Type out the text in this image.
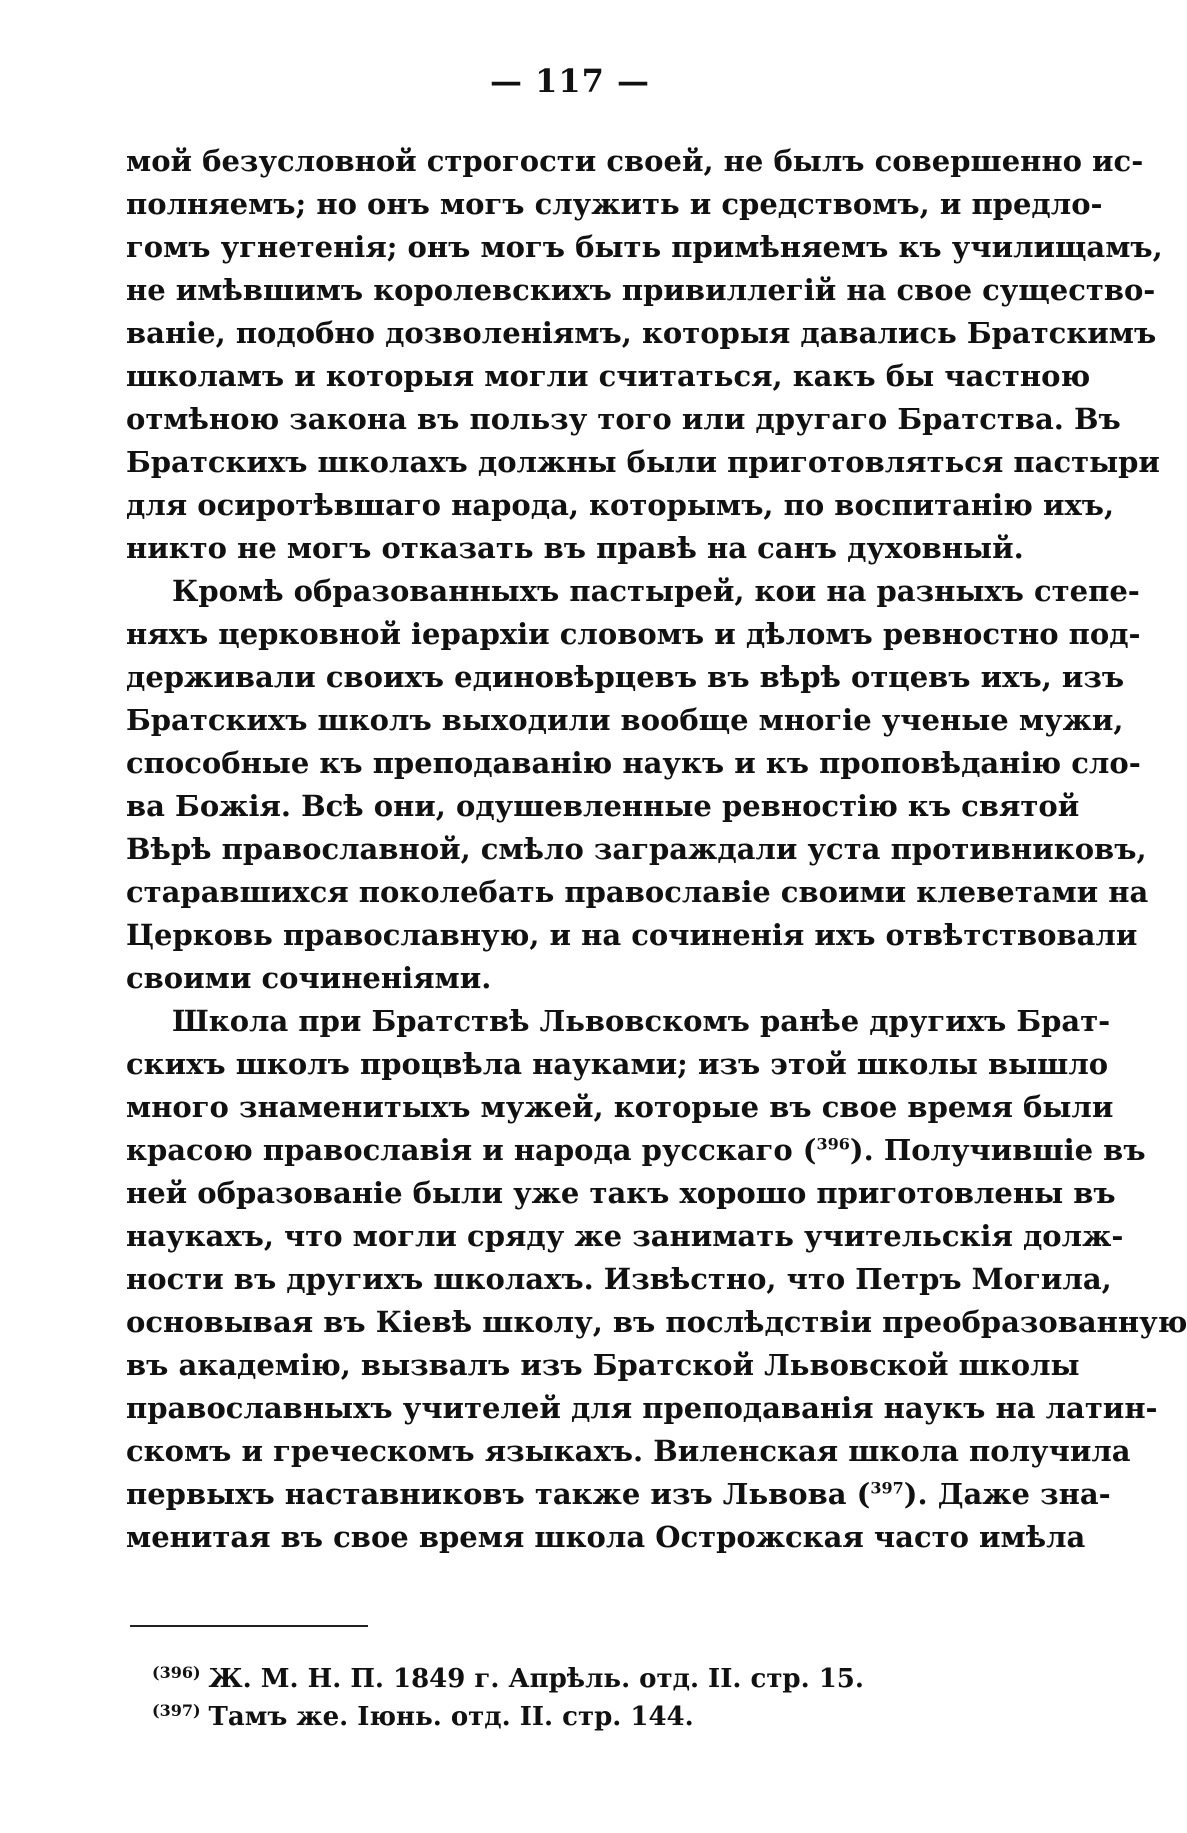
— 117 —
мой безусловной строгости своей, не былъ совершенно ис-
полняемъ; но онъ могъ служить и средствомъ, и предло-
гомъ угнетенія; онъ могъ быть примѣняемъ къ училищамъ,
не имѣвшимъ королевскихъ привиллегій на свое существо-
ваніе, подобно дозволеніямъ, которыя давались Братскимъ
школамъ и которыя могли считаться, какъ бы частною
отмѣною закона въ пользу того или другаго Братства. Въ
Братскихъ школахъ должны были приготовляться пастыри
для осиротѣвшаго народа, которымъ, по воспитанію ихъ,
никто не могъ отказать въ правѣ на санъ духовный.
Кромѣ образованныхъ пастырей, кои на разныхъ степе-
няхъ церковной іерархіи словомъ и дѣломъ ревностно под-
держивали своихъ единовѣрцевъ въ вѣрѣ отцевъ ихъ, изъ
Братскихъ школъ выходили вообще многіе ученые мужи,
способные къ преподаванію наукъ и къ проповѣданію сло-
ва Божія. Всѣ они, одушевленные ревностію къ святой
Вѣрѣ православной, смѣло заграждали уста противниковъ,
старавшихся поколебать православіе своими клеветами на
Церковь православную, и на сочиненія ихъ отвѣтствовали
своими сочиненіями.
Школа при Братствѣ Львовскомъ ранѣе другихъ Брат-
скихъ школъ процвѣла науками; изъ этой школы вышло
много знаменитыхъ мужей, которые въ свое время были
красою православія и народа русскаго ($^{396}$). Получившіе въ
ней образованіе были уже такъ хорошо приготовлены въ
наукахъ, что могли сряду же занимать учительскія долж-
ности въ другихъ школахъ. Извѣстно, что Петръ Могила,
основывая въ Кіевѣ школу, въ послѣдствіи преобразованную
въ академію, вызвалъ изъ Братской Львовской школы
православныхъ учителей для преподаванія наукъ на латин-
скомъ и греческомъ языкахъ. Виленская школа получила
первыхъ наставниковъ также изъ Львова ($^{397}$). Даже зна-
менитая въ свое время школа Острожская часто имѣла
$^{(396)}$ Ж. М. Н. П. 1849 г. Апрѣль. отд. II. стр. 15.
$^{(397)}$ Тамъ же. Іюнь. отд. II. стр. 144.
